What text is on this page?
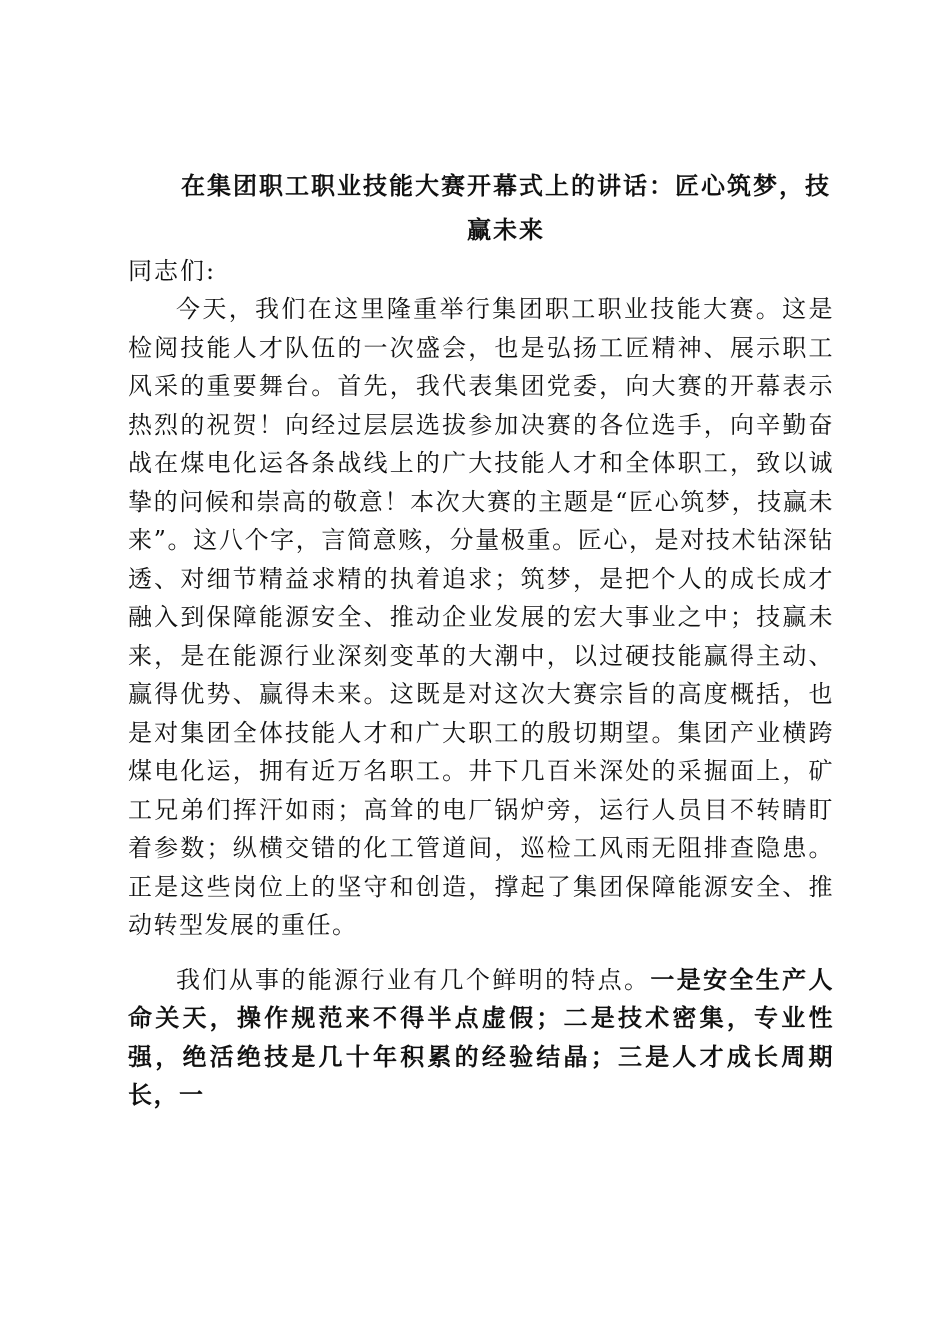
在集团职工职业技能大赛开幕式上的讲话：匠心筑梦，技
赢未来

同志们:

今天，我们在这里隆重举行集团职工职业技能大赛。这是检阅技能人才队伍的一次盛会，也是弘扬工匠精神、展示职工风采的重要舞台。首先，我代表集团党委，向大赛的开幕表示热烈的祝贺！向经过层层选拔参加决赛的各位选手，向辛勤奋战在煤电化运各条战线上的广大技能人才和全体职工，致以诚挚的问候和崇高的敬意！本次大赛的主题是“匠心筑梦，技赢未来”。这八个字，言简意赅，分量极重。匠心，是对技术钻深钻透、对细节精益求精的执着追求；筑梦，是把个人的成长成才融入到保障能源安全、推动企业发展的宏大事业之中；技赢未来，是在能源行业深刻变革的大潮中，以过硬技能赢得主动、赢得优势、赢得未来。这既是对这次大赛宗旨的高度概括，也是对集团全体技能人才和广大职工的殷切期望。集团产业横跨煤电化运，拥有近万名职工。井下几百米深处的采掘面上，矿工兄弟们挥汗如雨；高耸的电厂锅炉旁，运行人员目不转睛盯着参数；纵横交错的化工管道间，巡检工风雨无阻排查隐患。正是这些岗位上的坚守和创造，撑起了集团保障能源安全、推动转型发展的重任。

我们从事的能源行业有几个鲜明的特点。一是安全生产人命关天，操作规范来不得半点虚假；二是技术密集，专业性强，绝活绝技是几十年积累的经验结晶；三是人才成长周期长，一
